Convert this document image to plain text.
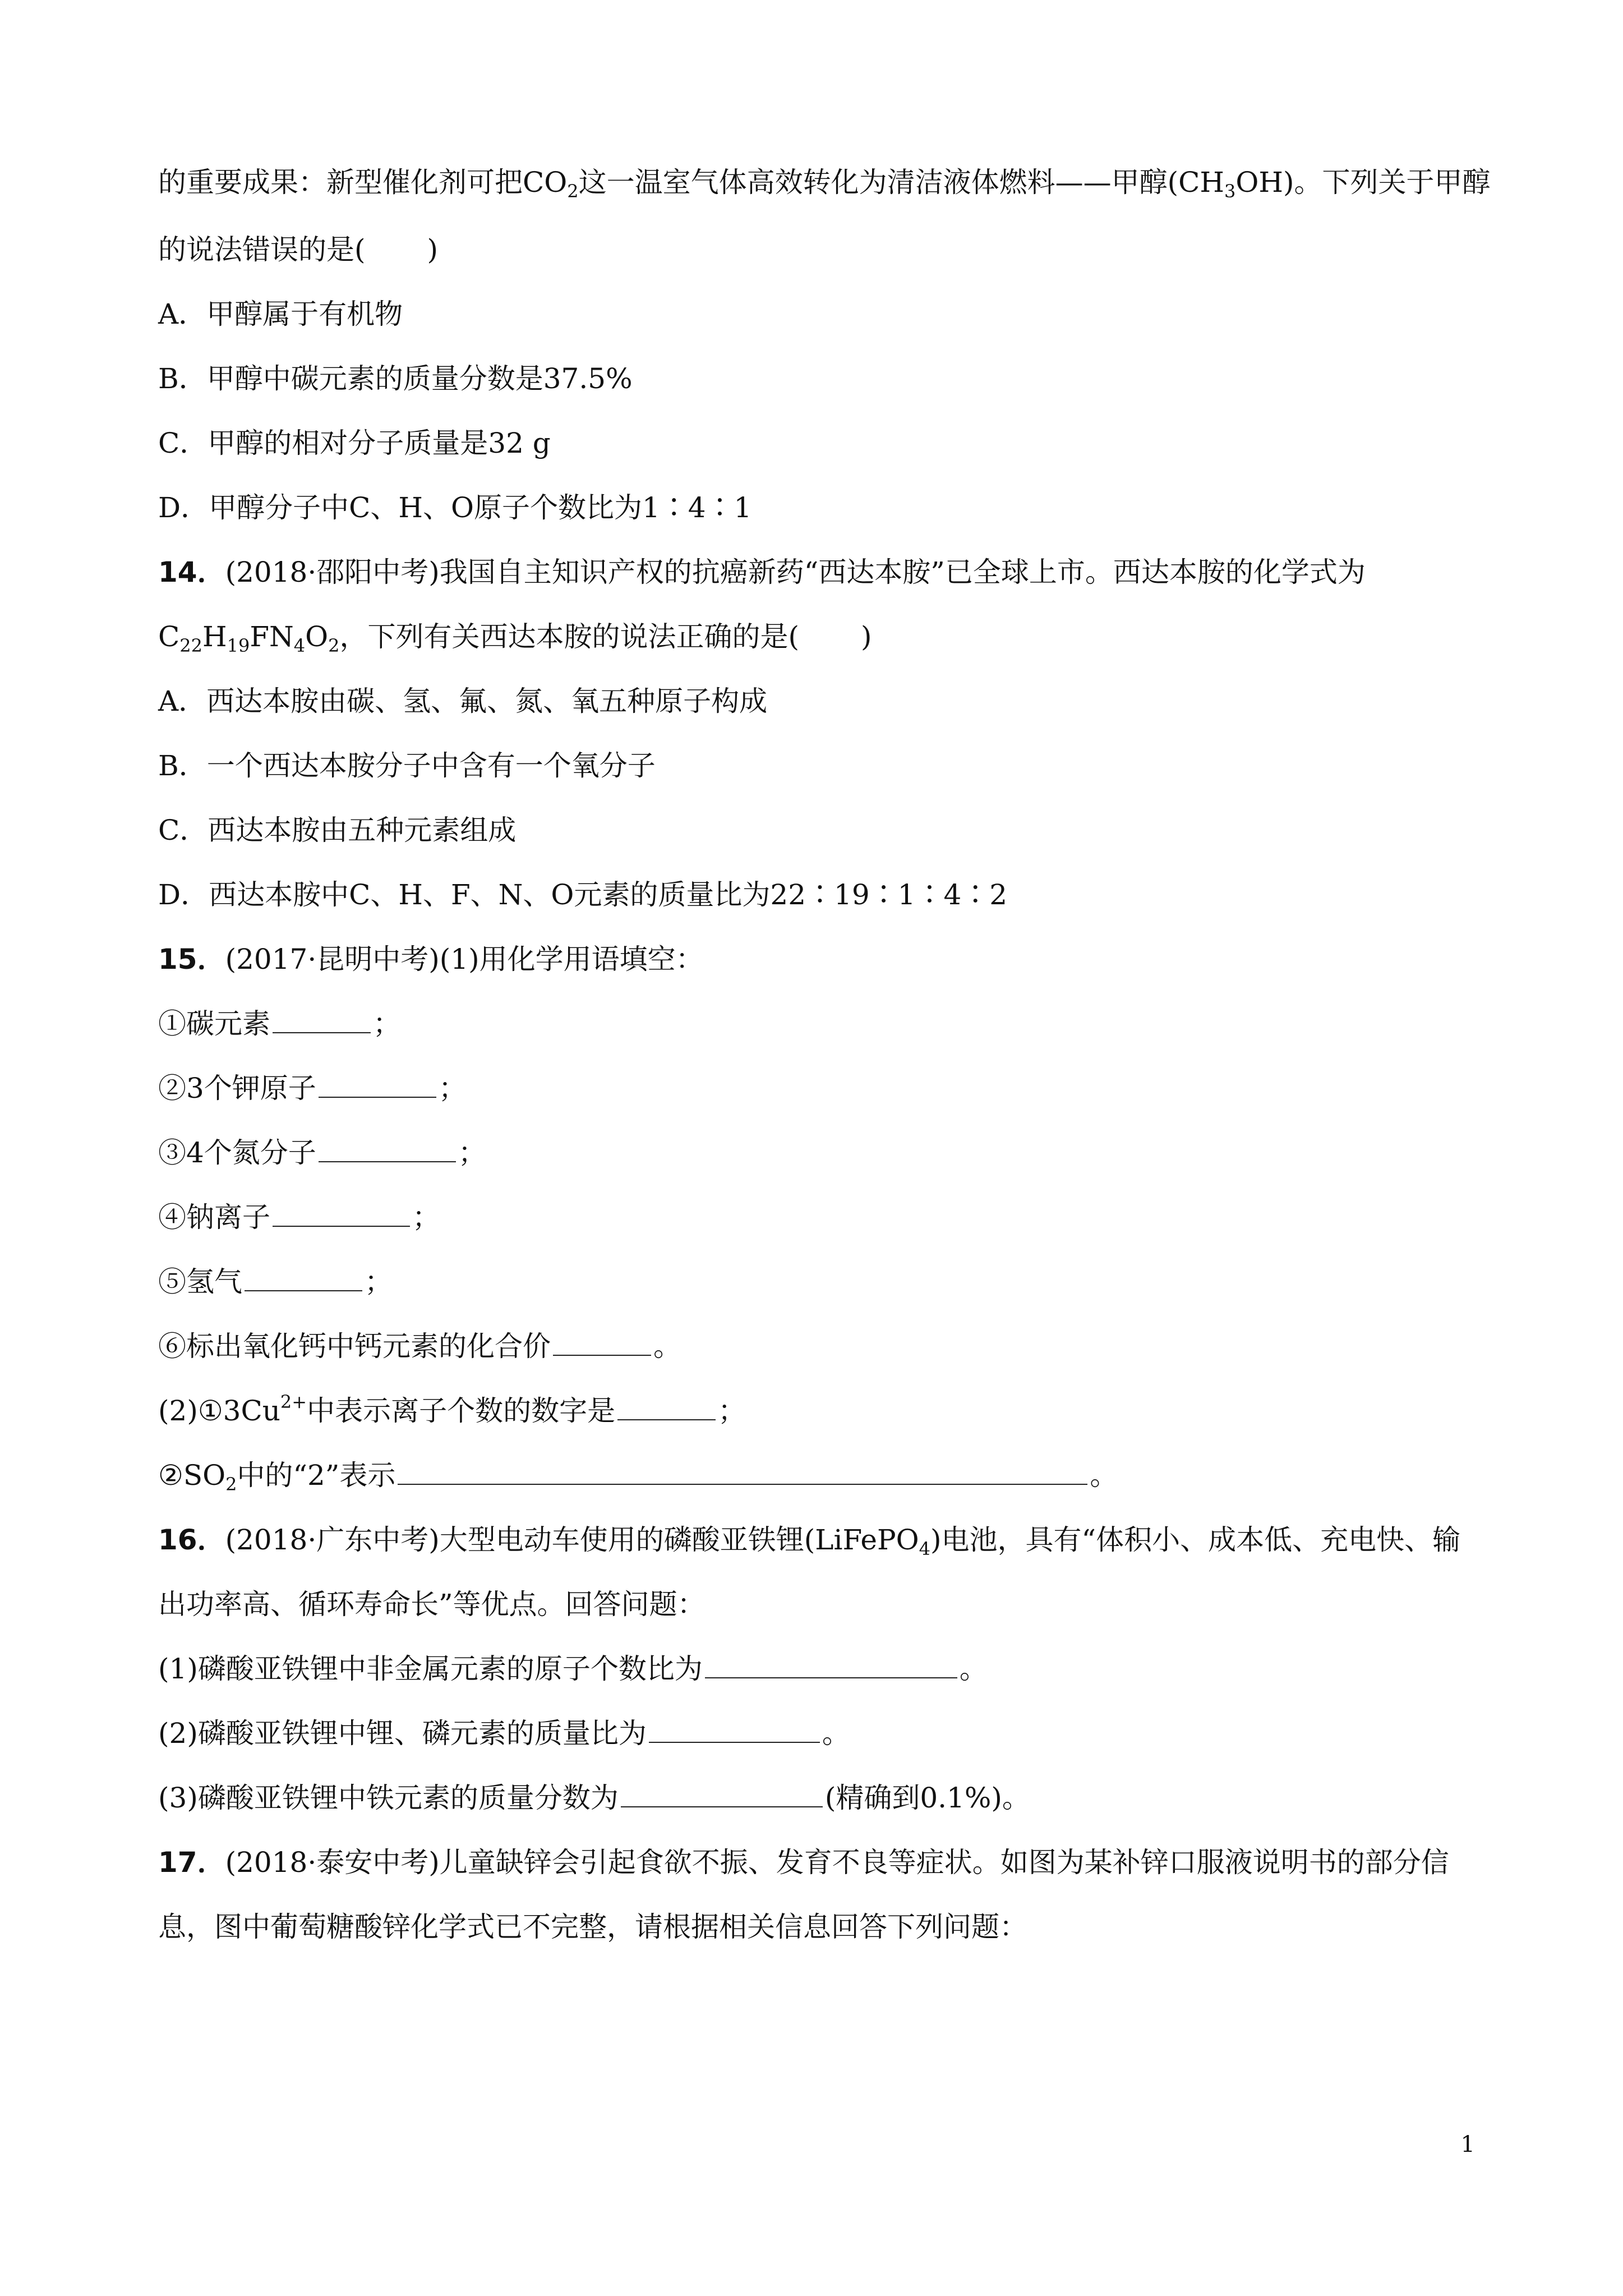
的重要成果：新型催化剂可把$CO_2$这一温室气体高效转化为清洁液体燃料——甲醇$(CH_3OH)$。下列关于甲醇
的说法错误的是( )
A．甲醇属于有机物
B．甲醇中碳元素的质量分数是37.5%
C．甲醇的相对分子质量是32 g
D．甲醇分子中C、H、O原子个数比为1∶4∶1
14．(2018·邵阳中考)我国自主知识产权的抗癌新药“西达本胺”已全球上市。西达本胺的化学式为
$C_{22}H_{19}FN_4O_2$，下列有关西达本胺的说法正确的是( )
A．西达本胺由碳、氢、氟、氮、氧五种原子构成
B．一个西达本胺分子中含有一个氧分子
C．西达本胺由五种元素组成
D．西达本胺中C、H、F、N、O元素的质量比为22∶19∶1∶4∶2
15．(2017·昆明中考)(1)用化学用语填空：
①碳元素	；
②3个钾原子	；
③4个氮分子	；
④钠离子	；
⑤氢气	；
⑥标出氧化钙中钙元素的化合价	。
$(2)①3Cu^{2+}$中表示离子个数的数字是	；
$②SO_2$中的“2”表示	。
16．(2018·广东中考)大型电动车使用的磷酸亚铁锂(LiFePO$_4$)电池，具有“体积小、成本低、充电快、输
出功率高、循环寿命长”等优点。回答问题：
(1)磷酸亚铁锂中非金属元素的原子个数比为	。
(2)磷酸亚铁锂中锂、磷元素的质量比为	。
(3)磷酸亚铁锂中铁元素的质量分数为	(精确到0.1%)。
17．(2018·泰安中考)儿童缺锌会引起食欲不振、发育不良等症状。如图为某补锌口服液说明书的部分信
息，图中葡萄糖酸锌化学式已不完整，请根据相关信息回答下列问题：
1
